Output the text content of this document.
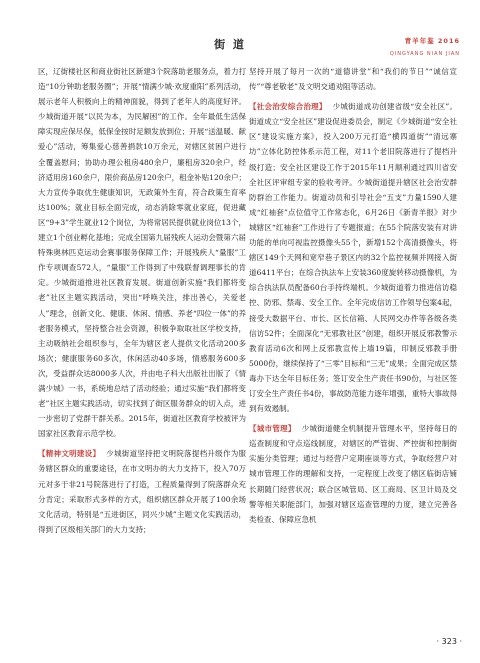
街 道	青羊年鉴 2016
QINGYANG NIAN JIAN

区，辽街楼社区和商业街社区新建3个院落助老服务点，着力打造“10分钟助老服务圈”；开展“情满少城·欢度重阳”系列活动，展示老年人积极向上的精神面貌，得到了老年人的高度好评。少城街道开展“以民为本，为民解困”的工作。全年最低生活保障实现应保尽保，低保金按时足额发放到位；开展“送温暖、献爱心”活动，筹集爱心慈善捐款10万余元，对辖区贫困户进行全覆盖慰问；协助办理公租房480余户，廉租房320余户，经济适用房160余户，限价商品房120余户，租金补贴120余户；大力宣传争取优生健康知识，无政策外生育，符合政策生育率达100%；就业目标全面完成，动态消除零就业家庭，促进藏区“9+3”学生就业12个岗位，为将常居民提供就业岗位13个，建立1个创业孵化基地；完成全国第九届残疾人运动会暨第六届特殊奥林匹克运动会赛事服务保障工作；开展残疾人“量服”工作专项调查572人，“量服”工作得到了中残联督调理事长的肯定。少城街道推进社区教育发展。街道创新实施“我们都将变老”社区主题实践活动，突出“呼唤关注，排出善心，关爱老人”理念，创新文化、健康、休闲、情感、养老“四位一体”的养老服务模式，坚持整合社会资源，积极争取取社区学校支持，主动吸纳社会组织参与，全年为辖区老人提供文化活动200多场次；健康服务60多次，休闲活动40多场，情感服务600多次，受益群众达8000多人次，并由电子科大出版社出版了《情满少城》一书，系统地总结了活动经验；通过实施“我们都将变老”社区主题实践活动，切实找到了街区服务群众的切入点，进一步密切了党群干群关系。2015年，街道社区教育学校被评为国家社区教育示范学校。

【精神文明建设】 少城街道坚持把文明院落提档升级作为服务辖区群众的重要途径，在市文明办的大力支持下，投入70万元对多于非21号院落进行了打造，工程质量得到了院落群众充分肯定；采取形式多样的方式，组织辖区群众开展了100余场文化活动，特别是“五进街区，同兴少城”主题文化实践活动，得到了区级相关部门的大力支持；

坚持开展了每月一次的“道德讲堂”和“我们的节日”“诚信宣传”“尊老敬老”及文明交通劝阻等活动。

【社会治安综合治理】 少城街道成功创建省级“安全社区”。街道成立“安全社区”建设促进委员会，制定《少城街道“安全社区”建设实施方案》，投入200万元打造“横四道街”“清远寨坊”立体化防控体系示范工程，对11个老旧院落进行了提档升级打造；安全社区建设工作于2015年11月顺利通过四川省安全社区评审组专家的验收考评。少城街道提升辖区社会治安群防群治工作能力。街道动员和引导社会“五支”力量1590人建成“红袖套”点位值守工作常态化，6月26日《新青羊报》对少城辖区“红袖套”工作进行了专题报道；在55个院落安装有对讲功能的单向可视监控摄像头55个，新增152个高清摄像头，将辖区149个天网和宽窄巷子景区内的32个监控视频并网接入街道6411平台；在综合执法车上安装360度旋转移动摄像机，为综合执法队员配备60台手持终端机。少城街道着力推进信访稳控、防邪、禁毒、安全工作。全年完成信访工作领导包案4起，接受大数据平台、市长、区长信箱、人民网交办件等各级各类信访52件；全面深化“无邪教社区”创建，组织开展反邪教警示教育活动6次和网上反邪教宣传上墙19篇，印制反邪教手册5000份，继续保持了“三零”目标和“三无”成果；全面完成区禁毒办下达全年目标任务；签订安全生产责任书90份，与社区签订安全生产责任书4份，事故防范能力逐年增强，重特大事故得到有效遏制。

【城市管理】 少城街道健全机制提升管理水平，坚持每日的巡查制度和守点巡线制度，对辖区的严管街、严控街和控制街实施分类管理；通过与经营户定期座谈等方式，争取经营户对城市管理工作的理解和支持，一定程度上改变了辖区临街店铺长期随门经营状况；联合区城管局、区工商局、区卫计局及交警等相关职能部门，加强对辖区巡查管理的力度，建立完善各类检查、保障应急机

· 323 ·
